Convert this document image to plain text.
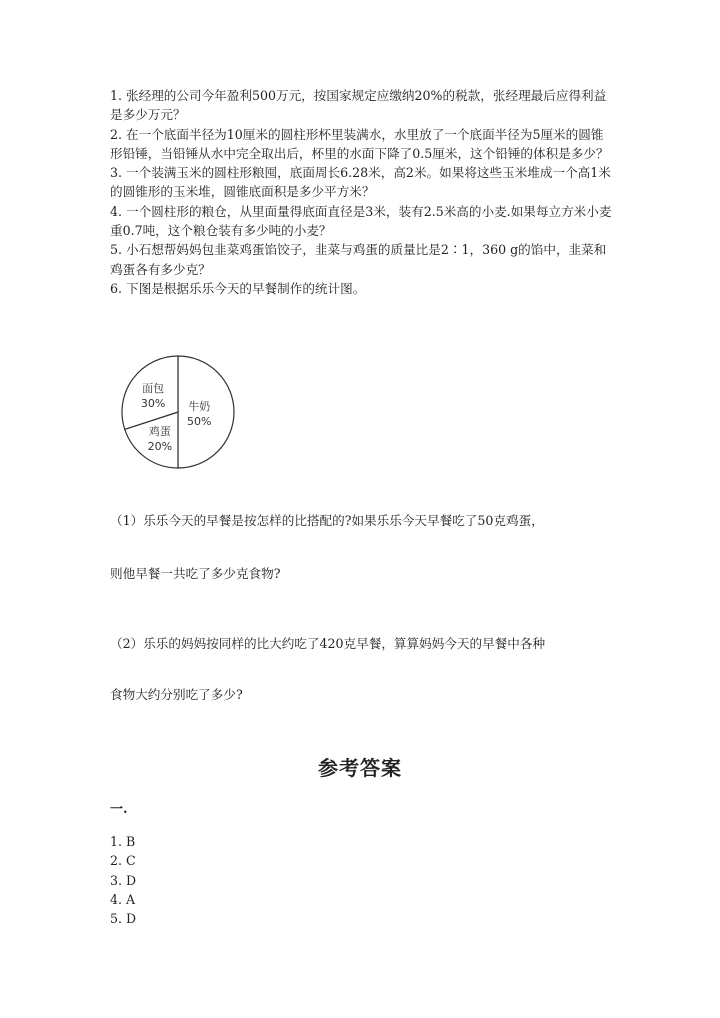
1. 张经理的公司今年盈利500万元，按国家规定应缴纳20%的税款，张经理最后应得利益是多少万元？

2. 在一个底面半径为10厘米的圆柱形杯里装满水，水里放了一个底面半径为5厘米的圆锥形铅锤，当铅锤从水中完全取出后，杯里的水面下降了0.5厘米，这个铅锤的体积是多少？

3. 一个装满玉米的圆柱形粮囤，底面周长6.28米，高2米。如果将这些玉米堆成一个高1米的圆锥形的玉米堆，圆锥底面积是多少平方米？

4. 一个圆柱形的粮仓，从里面量得底面直径是3米，装有2.5米高的小麦.如果每立方米小麦重0.7吨，这个粮仓装有多少吨的小麦？

5. 小石想帮妈妈包韭菜鸡蛋馅饺子，韭菜与鸡蛋的质量比是2∶1，360 g的馅中，韭菜和鸡蛋各有多少克？

6. 下图是根据乐乐今天的早餐制作的统计图。

牛奶
50%
鸡蛋
20%
面包
30%

（1）乐乐今天的早餐是按怎样的比搭配的?如果乐乐今天早餐吃了50克鸡蛋，

则他早餐一共吃了多少克食物?

（2）乐乐的妈妈按同样的比大约吃了420克早餐，算算妈妈今天的早餐中各种

食物大约分别吃了多少?

参考答案

一.

1. B
2. C
3. D
4. A
5. D
